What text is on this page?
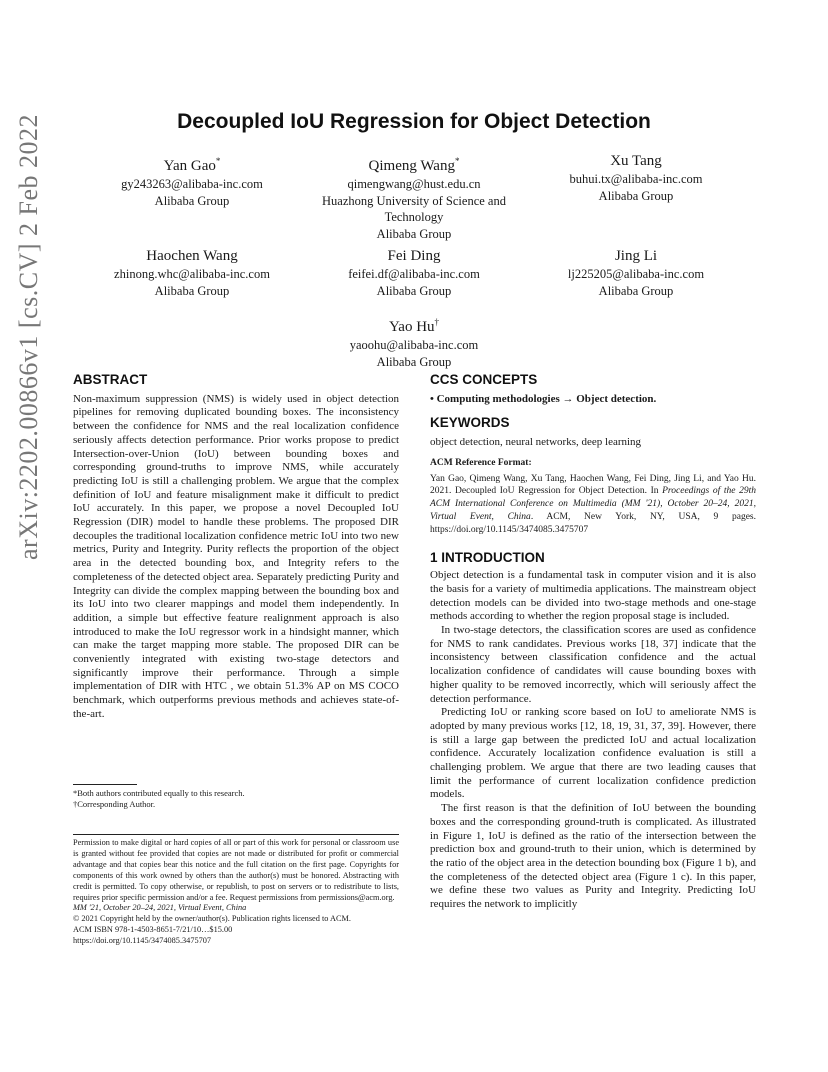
arXiv:2202.00866v1 [cs.CV] 2 Feb 2022	Decoupled IoU Regression for Object Detection
Yan Gao*
gy243263@alibaba-inc.com
Alibaba Group
Qimeng Wang*
qimengwang@hust.edu.cn
Huazhong University of Science and Technology
Alibaba Group
Xu Tang
buhui.tx@alibaba-inc.com
Alibaba Group
Haochen Wang
zhinong.whc@alibaba-inc.com
Alibaba Group
Fei Ding
feifei.df@alibaba-inc.com
Alibaba Group
Jing Li
lj225205@alibaba-inc.com
Alibaba Group
Yao Hu†
yaoohu@alibaba-inc.com
Alibaba Group
ABSTRACT

Non-maximum suppression (NMS) is widely used in object detection pipelines for removing duplicated bounding boxes. The inconsistency between the confidence for NMS and the real localization confidence seriously affects detection performance. Prior works propose to predict Intersection-over-Union (IoU) between bounding boxes and corresponding ground-truths to improve NMS, while accurately predicting IoU is still a challenging problem. We argue that the complex definition of IoU and feature misalignment make it difficult to predict IoU accurately. In this paper, we propose a novel Decoupled IoU Regression (DIR) model to handle these problems. The proposed DIR decouples the traditional localization confidence metric IoU into two new metrics, Purity and Integrity. Purity reflects the proportion of the object area in the detected bounding box, and Integrity refers to the completeness of the detected object area. Separately predicting Purity and Integrity can divide the complex mapping between the bounding box and its IoU into two clearer mappings and model them independently. In addition, a simple but effective feature realignment approach is also introduced to make the IoU regressor work in a hindsight manner, which can make the target mapping more stable. The proposed DIR can be conveniently integrated with existing two-stage detectors and significantly improve their performance. Through a simple implementation of DIR with HTC , we obtain 51.3% AP on MS COCO benchmark, which outperforms previous methods and achieves state-of-the-art.

*Both authors contributed equally to this research.
†Corresponding Author.

Permission to make digital or hard copies of all or part of this work for personal or classroom use is granted without fee provided that copies are not made or distributed for profit or commercial advantage and that copies bear this notice and the full citation on the first page. Copyrights for components of this work owned by others than the author(s) must be honored. Abstracting with credit is permitted. To copy otherwise, or republish, to post on servers or to redistribute to lists, requires prior specific permission and/or a fee. Request permissions from permissions@acm.org.

MM '21, October 20–24, 2021, Virtual Event, China

© 2021 Copyright held by the owner/author(s). Publication rights licensed to ACM.

ACM ISBN 978-1-4503-8651-7/21/10…$15.00

https://doi.org/10.1145/3474085.3475707

CCS CONCEPTS

• Computing methodologies → Object detection.

KEYWORDS

object detection, neural networks, deep learning

ACM Reference Format:

Yan Gao, Qimeng Wang, Xu Tang, Haochen Wang, Fei Ding, Jing Li, and Yao Hu. 2021. Decoupled IoU Regression for Object Detection. In Proceedings of the 29th ACM International Conference on Multimedia (MM '21), October 20–24, 2021, Virtual Event, China. ACM, New York, NY, USA, 9 pages. https://doi.org/10.1145/3474085.3475707

1 INTRODUCTION

Object detection is a fundamental task in computer vision and it is also the basis for a variety of multimedia applications. The mainstream object detection models can be divided into two-stage methods and one-stage methods according to whether the region proposal stage is included.

In two-stage detectors, the classification scores are used as confidence for NMS to rank candidates. Previous works [18, 37] indicate that the inconsistency between classification confidence and the actual localization confidence of candidates will cause bounding boxes with higher quality to be removed incorrectly, which will seriously affect the detection performance.

Predicting IoU or ranking score based on IoU to ameliorate NMS is adopted by many previous works [12, 18, 19, 31, 37, 39]. However, there is still a large gap between the predicted IoU and actual localization confidence. Accurately localization confidence evaluation is still a challenging problem. We argue that there are two leading causes that limit the performance of current localization confidence prediction models.

The first reason is that the definition of IoU between the bounding boxes and the corresponding ground-truth is complicated. As illustrated in Figure 1, IoU is defined as the ratio of the intersection between the prediction box and ground-truth to their union, which is determined by the ratio of the object area in the detection bounding box (Figure 1 b), and the completeness of the detected object area (Figure 1 c). In this paper, we define these two values as Purity and Integrity. Predicting IoU requires the network to implicitly
